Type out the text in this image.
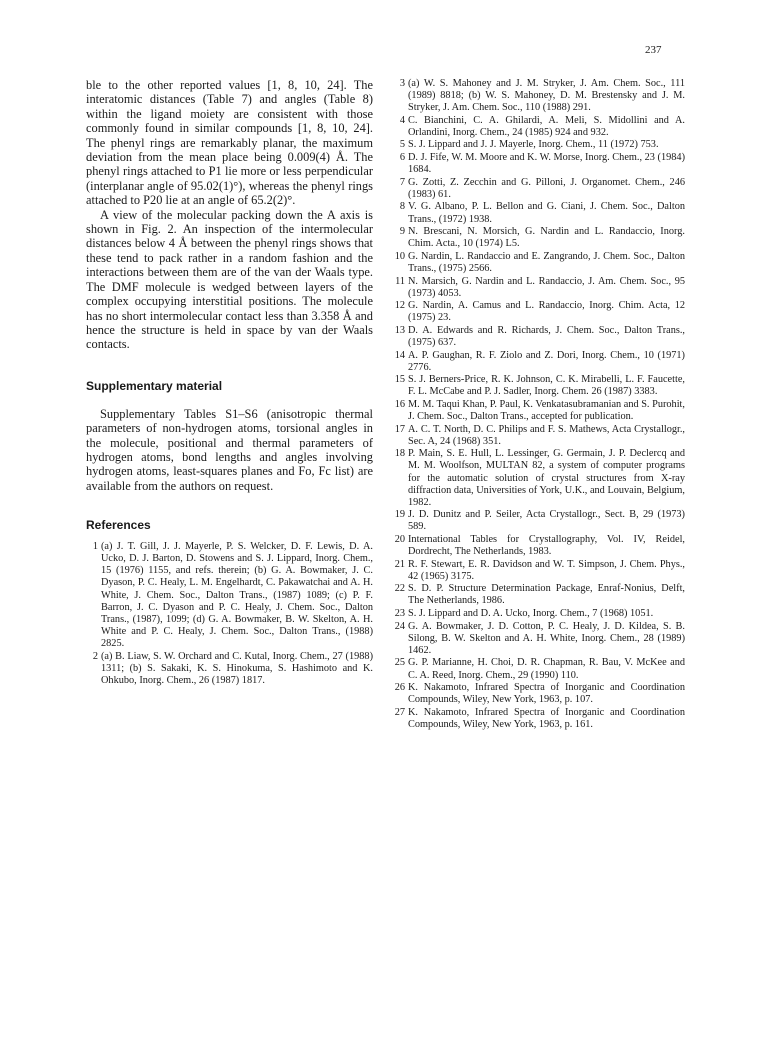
237

ble to the other reported values [1, 8, 10, 24]. The interatomic distances (Table 7) and angles (Table 8) within the ligand moiety are consistent with those commonly found in similar compounds [1, 8, 10, 24]. The phenyl rings are remarkably planar, the maximum deviation from the mean place being 0.009(4) Å. The phenyl rings attached to P1 lie more or less perpendicular (interplanar angle of 95.02(1)°), whereas the phenyl rings attached to P20 lie at an angle of 65.2(2)°.

A view of the molecular packing down the A axis is shown in Fig. 2. An inspection of the intermolecular distances below 4 Å between the phenyl rings shows that these tend to pack rather in a random fashion and the interactions between them are of the van der Waals type. The DMF molecule is wedged between layers of the complex occupying interstitial positions. The molecule has no short intermolecular contact less than 3.358 Å and hence the structure is held in space by van der Waals contacts.

Supplementary material

Supplementary Tables S1–S6 (anisotropic thermal parameters of non-hydrogen atoms, torsional angles in the molecule, positional and thermal parameters of hydrogen atoms, bond lengths and angles involving hydrogen atoms, least-squares planes and Fo, Fc list) are available from the authors on request.

References
1 (a) J. T. Gill, J. J. Mayerle, P. S. Welcker, D. F. Lewis, D. A. Ucko, D. J. Barton, D. Stowens and S. J. Lippard, Inorg. Chem., 15 (1976) 1155, and refs. therein; (b) G. A. Bowmaker, J. C. Dyason, P. C. Healy, L. M. Engelhardt, C. Pakawatchai and A. H. White, J. Chem. Soc., Dalton Trans., (1987) 1089; (c) P. F. Barron, J. C. Dyason and P. C. Healy, J. Chem. Soc., Dalton Trans., (1987), 1099; (d) G. A. Bowmaker, B. W. Skelton, A. H. White and P. C. Healy, J. Chem. Soc., Dalton Trans., (1988) 2825.
2 (a) B. Liaw, S. W. Orchard and C. Kutal, Inorg. Chem., 27 (1988) 1311; (b) S. Sakaki, K. S. Hinokuma, S. Hashimoto and K. Ohkubo, Inorg. Chem., 26 (1987) 1817.
3 (a) W. S. Mahoney and J. M. Stryker, J. Am. Chem. Soc., 111 (1989) 8818; (b) W. S. Mahoney, D. M. Brestensky and J. M. Stryker, J. Am. Chem. Soc., 110 (1988) 291.
4 C. Bianchini, C. A. Ghilardi, A. Meli, S. Midollini and A. Orlandini, Inorg. Chem., 24 (1985) 924 and 932.
5 S. J. Lippard and J. J. Mayerle, Inorg. Chem., 11 (1972) 753.
6 D. J. Fife, W. M. Moore and K. W. Morse, Inorg. Chem., 23 (1984) 1684.
7 G. Zotti, Z. Zecchin and G. Pilloni, J. Organomet. Chem., 246 (1983) 61.
8 V. G. Albano, P. L. Bellon and G. Ciani, J. Chem. Soc., Dalton Trans., (1972) 1938.
9 N. Brescani, N. Morsich, G. Nardin and L. Randaccio, Inorg. Chim. Acta., 10 (1974) L5.
10 G. Nardin, L. Randaccio and E. Zangrando, J. Chem. Soc., Dalton Trans., (1975) 2566.
11 N. Marsich, G. Nardin and L. Randaccio, J. Am. Chem. Soc., 95 (1973) 4053.
12 G. Nardin, A. Camus and L. Randaccio, Inorg. Chim. Acta, 12 (1975) 23.
13 D. A. Edwards and R. Richards, J. Chem. Soc., Dalton Trans., (1975) 637.
14 A. P. Gaughan, R. F. Ziolo and Z. Dori, Inorg. Chem., 10 (1971) 2776.
15 S. J. Berners-Price, R. K. Johnson, C. K. Mirabelli, L. F. Faucette, F. L. McCabe and P. J. Sadler, Inorg. Chem. 26 (1987) 3383.
16 M. M. Taqui Khan, P. Paul, K. Venkatasubramanian and S. Purohit, J. Chem. Soc., Dalton Trans., accepted for publication.
17 A. C. T. North, D. C. Philips and F. S. Mathews, Acta Crystallogr., Sec. A, 24 (1968) 351.
18 P. Main, S. E. Hull, L. Lessinger, G. Germain, J. P. Declercq and M. M. Woolfson, MULTAN 82, a system of computer programs for the automatic solution of crystal structures from X-ray diffraction data, Universities of York, U.K., and Louvain, Belgium, 1982.
19 J. D. Dunitz and P. Seiler, Acta Crystallogr., Sect. B, 29 (1973) 589.
20 International Tables for Crystallography, Vol. IV, Reidel, Dordrecht, The Netherlands, 1983.
21 R. F. Stewart, E. R. Davidson and W. T. Simpson, J. Chem. Phys., 42 (1965) 3175.
22 S. D. P. Structure Determination Package, Enraf-Nonius, Delft, The Netherlands, 1986.
23 S. J. Lippard and D. A. Ucko, Inorg. Chem., 7 (1968) 1051.
24 G. A. Bowmaker, J. D. Cotton, P. C. Healy, J. D. Kildea, S. B. Silong, B. W. Skelton and A. H. White, Inorg. Chem., 28 (1989) 1462.
25 G. P. Marianne, H. Choi, D. R. Chapman, R. Bau, V. McKee and C. A. Reed, Inorg. Chem., 29 (1990) 110.
26 K. Nakamoto, Infrared Spectra of Inorganic and Coordination Compounds, Wiley, New York, 1963, p. 107.
27 K. Nakamoto, Infrared Spectra of Inorganic and Coordination Compounds, Wiley, New York, 1963, p. 161.
